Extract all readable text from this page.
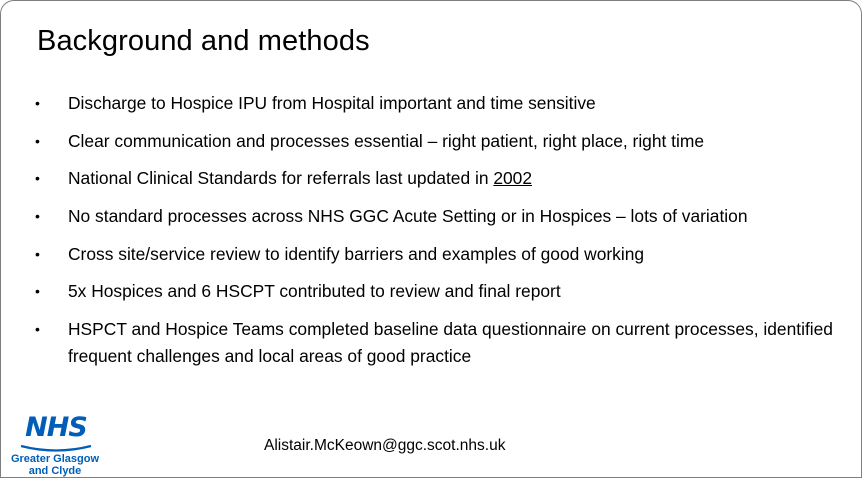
Background and methods
• Discharge to Hospice IPU from Hospital important and time sensitive
• Clear communication and processes essential – right patient, right place, right time
• National Clinical Standards for referrals last updated in 2002
• No standard processes across NHS GGC Acute Setting or in Hospices – lots of variation
• Cross site/service review to identify barriers and examples of good working
• 5x Hospices and 6 HSCPT contributed to review and final report
• HSPCT and Hospice Teams completed baseline data questionnaire on current processes, identified frequent challenges and local areas of good practice
NHS
Greater Glasgow
and Clyde
Alistair.McKeown@ggc.scot.nhs.uk
